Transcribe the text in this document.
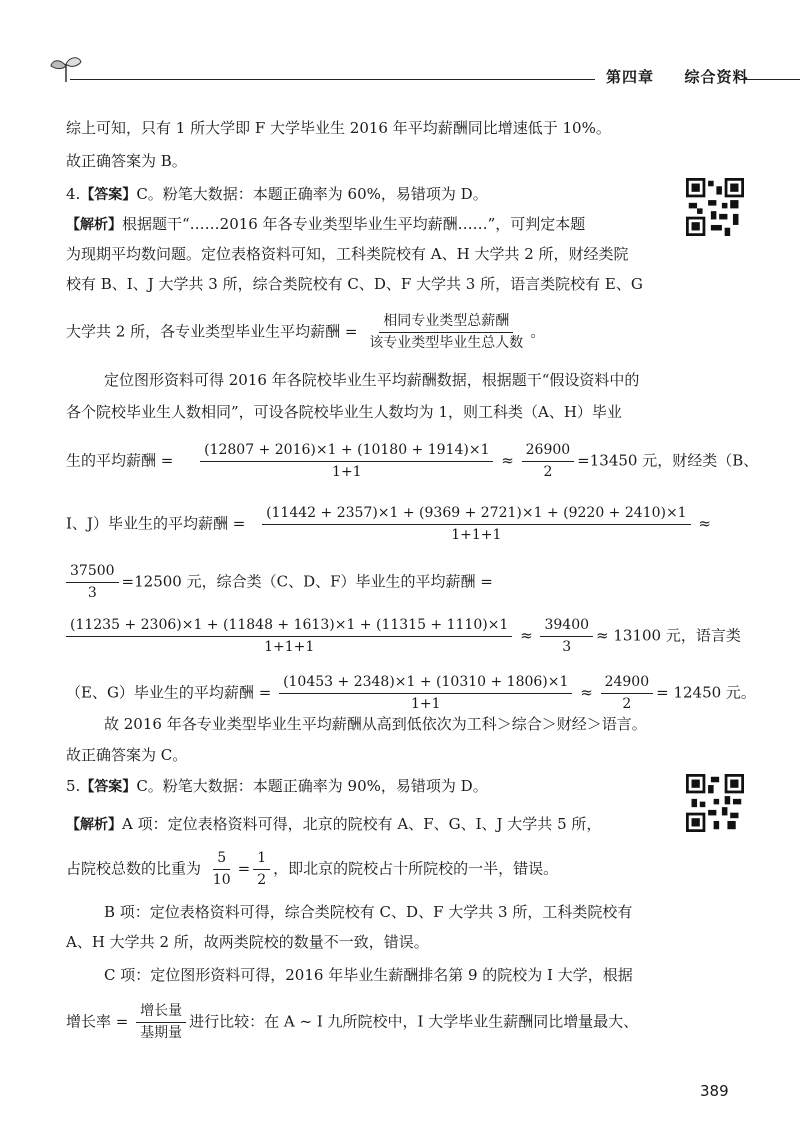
第四章 综合资料
综上可知，只有 1 所大学即 F 大学毕业生 2016 年平均薪酬同比增速低于 10%。
故正确答案为 B。
4.【答案】C。粉笔大数据：本题正确率为 60%，易错项为 D。
【解析】根据题干“……2016 年各专业类型毕业生平均薪酬……”，可判定本题
为现期平均数问题。定位表格资料可知，工科类院校有 A、H 大学共 2 所，财经类院
校有 B、I、J 大学共 3 所，综合类院校有 C、D、F 大学共 3 所，语言类院校有 E、G
大学共 2 所，各专业类型毕业生平均薪酬 = $\frac{\text{相同专业类型总薪酬}}{\text{该专业类型毕业生总人数}}$ 。
定位图形资料可得 2016 年各院校毕业生平均薪酬数据，根据题干“假设资料中的
各个院校毕业生人数相同”，可设各院校毕业生人数均为 1，则工科类（A、H）毕业
生的平均薪酬 = $\frac{(12807 + 2016)\times 1 + (10180 + 1914)\times 1}{1+1} \approx \frac{26900}{2} =13450$ 元，财经类（B、
I、J）毕业生的平均薪酬 = $\frac{(11442 + 2357)\times 1 + (9369 + 2721)\times 1 + (9220 + 2410)\times 1}{1+1+1}$ ≈
$\frac{37500}{3} =12500$ 元，综合类（C、D、F）毕业生的平均薪酬 =
$\frac{(11235 + 2306)\times 1 + (11848 + 1613)\times 1 + (11315 + 1110)\times 1}{1+1+1} \approx \frac{39400}{3} \approx 13100$ 元，语言类
（E、G）毕业生的平均薪酬 = $\frac{(10453 + 2348)\times 1 + (10310 + 1806)\times 1}{1+1} \approx \frac{24900}{2} = 12450$ 元。
故 2016 年各专业类型毕业生平均薪酬从高到低依次为工科＞综合＞财经＞语言。
故正确答案为 C。
5.【答案】C。粉笔大数据：本题正确率为 90%，易错项为 D。
【解析】A 项：定位表格资料可得，北京的院校有 A、F、G、I、J 大学共 5 所，
占院校总数的比重为 $\frac{5}{10} = \frac{1}{2}$ ，即北京的院校占十所院校的一半，错误。
B 项：定位表格资料可得，综合类院校有 C、D、F 大学共 3 所，工科类院校有
A、H 大学共 2 所，故两类院校的数量不一致，错误。
C 项：定位图形资料可得，2016 年毕业生薪酬排名第 9 的院校为 I 大学，根据
增长率 = $\frac{\text{增长量}}{\text{基期量}}$ 进行比较：在 A ~ I 九所院校中，I 大学毕业生薪酬同比增量最大、
389
